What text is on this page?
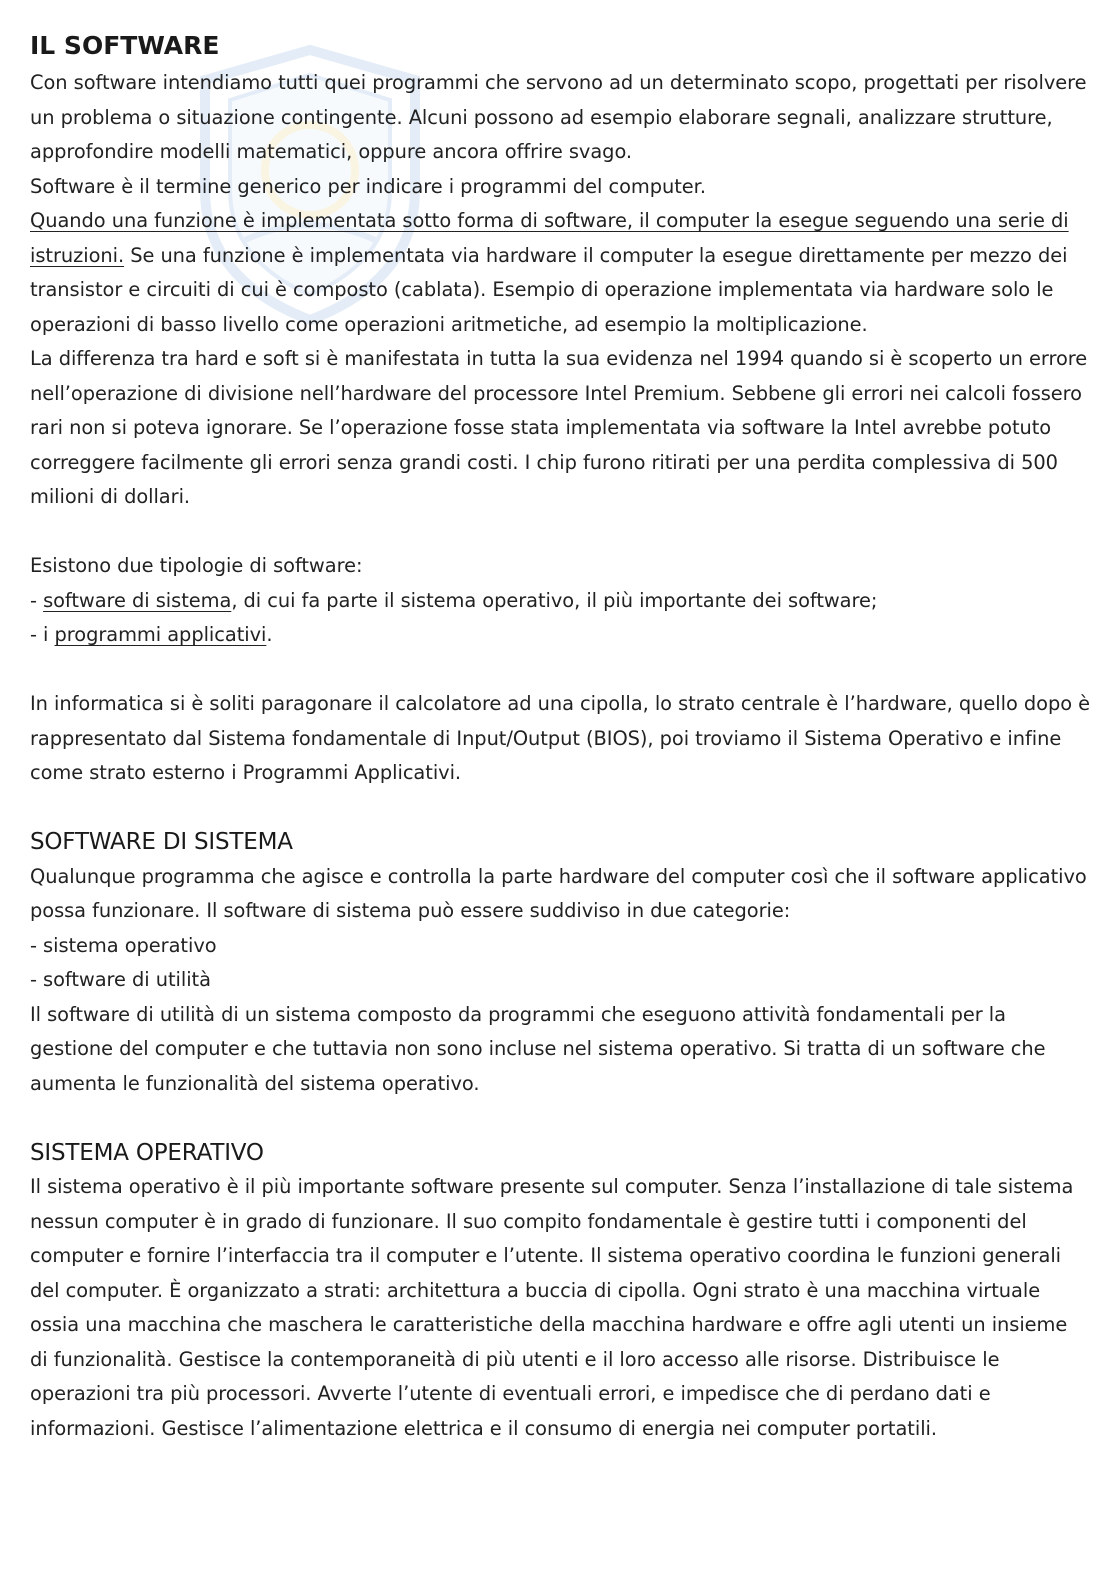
IL SOFTWARE

Con software intendiamo tutti quei programmi che servono ad un determinato scopo, progettati per risolvere un problema o situazione contingente. Alcuni possono ad esempio elaborare segnali, analizzare strutture, approfondire modelli matematici, oppure ancora offrire svago.

Software è il termine generico per indicare i programmi del computer.

Quando una funzione è implementata sotto forma di software, il computer la esegue seguendo una serie di istruzioni. Se una funzione è implementata via hardware il computer la esegue direttamente per mezzo dei transistor e circuiti di cui è composto (cablata). Esempio di operazione implementata via hardware solo le operazioni di basso livello come operazioni aritmetiche, ad esempio la moltiplicazione.

La differenza tra hard e soft si è manifestata in tutta la sua evidenza nel 1994 quando si è scoperto un errore nell’operazione di divisione nell’hardware del processore Intel Premium. Sebbene gli errori nei calcoli fossero rari non si poteva ignorare. Se l’operazione fosse stata implementata via software la Intel avrebbe potuto correggere facilmente gli errori senza grandi costi. I chip furono ritirati per una perdita complessiva di 500 milioni di dollari.

Esistono due tipologie di software:

- software di sistema, di cui fa parte il sistema operativo, il più importante dei software;

- i programmi applicativi.

In informatica si è soliti paragonare il calcolatore ad una cipolla, lo strato centrale è l’hardware, quello dopo è rappresentato dal Sistema fondamentale di Input/Output (BIOS), poi troviamo il Sistema Operativo e infine come strato esterno i Programmi Applicativi.

SOFTWARE DI SISTEMA

Qualunque programma che agisce e controlla la parte hardware del computer così che il software applicativo possa funzionare. Il software di sistema può essere suddiviso in due categorie:

- sistema operativo

- software di utilità

Il software di utilità di un sistema composto da programmi che eseguono attività fondamentali per la gestione del computer e che tuttavia non sono incluse nel sistema operativo. Si tratta di un software che aumenta le funzionalità del sistema operativo.

SISTEMA OPERATIVO

Il sistema operativo è il più importante software presente sul computer. Senza l’installazione di tale sistema nessun computer è in grado di funzionare. Il suo compito fondamentale è gestire tutti i componenti del computer e fornire l’interfaccia tra il computer e l’utente. Il sistema operativo coordina le funzioni generali del computer. È organizzato a strati: architettura a buccia di cipolla. Ogni strato è una macchina virtuale ossia una macchina che maschera le caratteristiche della macchina hardware e offre agli utenti un insieme di funzionalità. Gestisce la contemporaneità di più utenti e il loro accesso alle risorse. Distribuisce le operazioni tra più processori. Avverte l’utente di eventuali errori, e impedisce che di perdano dati e informazioni. Gestisce l’alimentazione elettrica e il consumo di energia nei computer portatili.
